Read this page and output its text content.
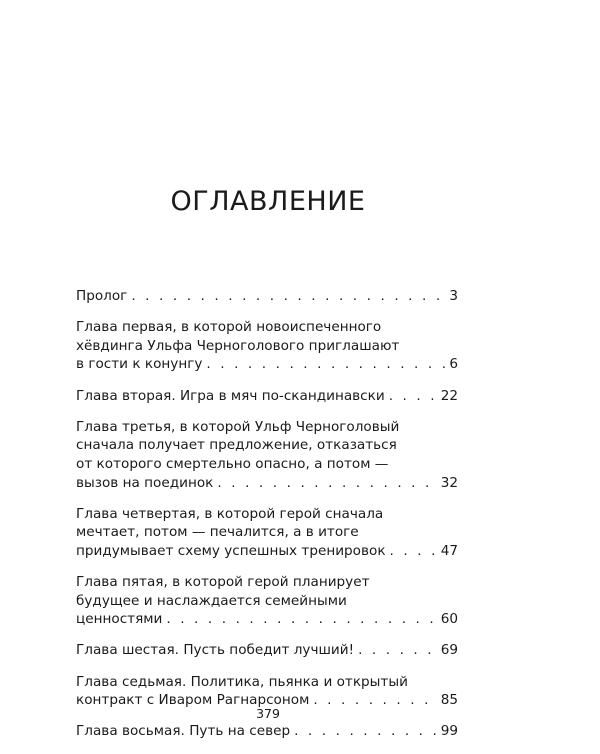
ОГЛАВЛЕНИЕ
Пролог . . .	3
Глава первая, в которой новоиспеченного
хёвдинга Ульфа Черноголового приглашают
в гости к конунгу . . .	6
Глава вторая. Игра в мяч по-скандинавски . . .	22
Глава третья, в которой Ульф Черноголовый
сначала получает предложение, отказаться
от которого смертельно опасно, а потом —
вызов на поединок . . .	32
Глава четвертая, в которой герой сначала
мечтает, потом — печалится, а в итоге
придумывает схему успешных тренировок . . .	47
Глава пятая, в которой герой планирует
будущее и наслаждается семейными
ценностями . . .	60
Глава шестая. Пусть победит лучший! . . .	69
Глава седьмая. Политика, пьянка и открытый
контракт с Иваром Рагнарсоном . . .	85
Глава восьмая. Путь на север . . .	99
379
